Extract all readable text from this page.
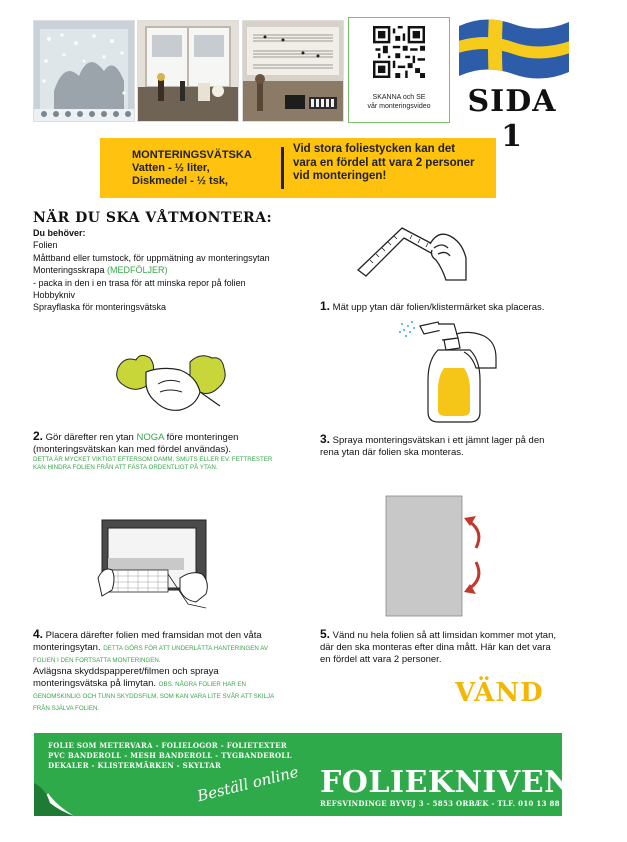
SKANNA och SE
vår monteringsvideo	SIDA 1
MONTERINGSVÄTSKA
Vatten - ½ liter,
Diskmedel - ½ tsk,
Vid stora foliestycken kan det
vara en fördel att vara 2 personer
vid monteringen!
NÄR DU SKA VÅTMONTERA:
Du behöver:
Folien
Måttband eller tumstock, för uppmätning av monteringsytan
Monteringsskrapa (MEDFÖLJER)
- packa in den i en trasa för att minska repor på folien
Hobbykniv
Sprayflaska för monteringsvätska	1. Mät upp ytan där folien/klistermärket ska placeras.
2. Gör därefter ren ytan NOGA före monteringen (monteringsvätskan kan med fördel användas).
DETTA ÄR MYCKET VIKTIGT EFTERSOM DAMM, SMUTS ELLER EV. FETTRESTER KAN HINDRA FOLIEN FRÅN ATT FÄSTA ORDENTLIGT PÅ YTAN.
3. Spraya monteringsvätskan i ett jämnt lager på den rena ytan där folien ska monteras.
4. Placera därefter folien med framsidan mot den våta monteringsytan. DETTA GÖRS FÖR ATT UNDERLÄTTA HANTERINGEN AV FOLIEN I DEN FORTSATTA MONTERINGEN.
Avlägsna skyddspapperet/filmen och spraya monteringsvätska på limytan. OBS. NÅGRA FOLIER HAR EN GENOMSKINLIG OCH TUNN SKYDDSFILM, SOM KAN VARA LITE SVÅR ATT SKILJA FRÅN SJÄLVA FOLIEN.
5. Vänd nu hela folien så att limsidan kommer mot ytan, där den ska monteras efter dina mått. Här kan det vara en fördel att vara 2 personer.
VÄND
FOLIE SOM METERVARA - FOLIELOGOR - FOLIETEXTER
PVC BANDEROLL - MESH BANDEROLL - TYGBANDEROLL
DEKALER - KLISTERMÄRKEN - SKYLTAR
Beställ online FOLIEKNIVEN.SE
REFSVINDINGE BYVEJ 3 - 5853 ORBÆK - TLF. 010 13 88 888
